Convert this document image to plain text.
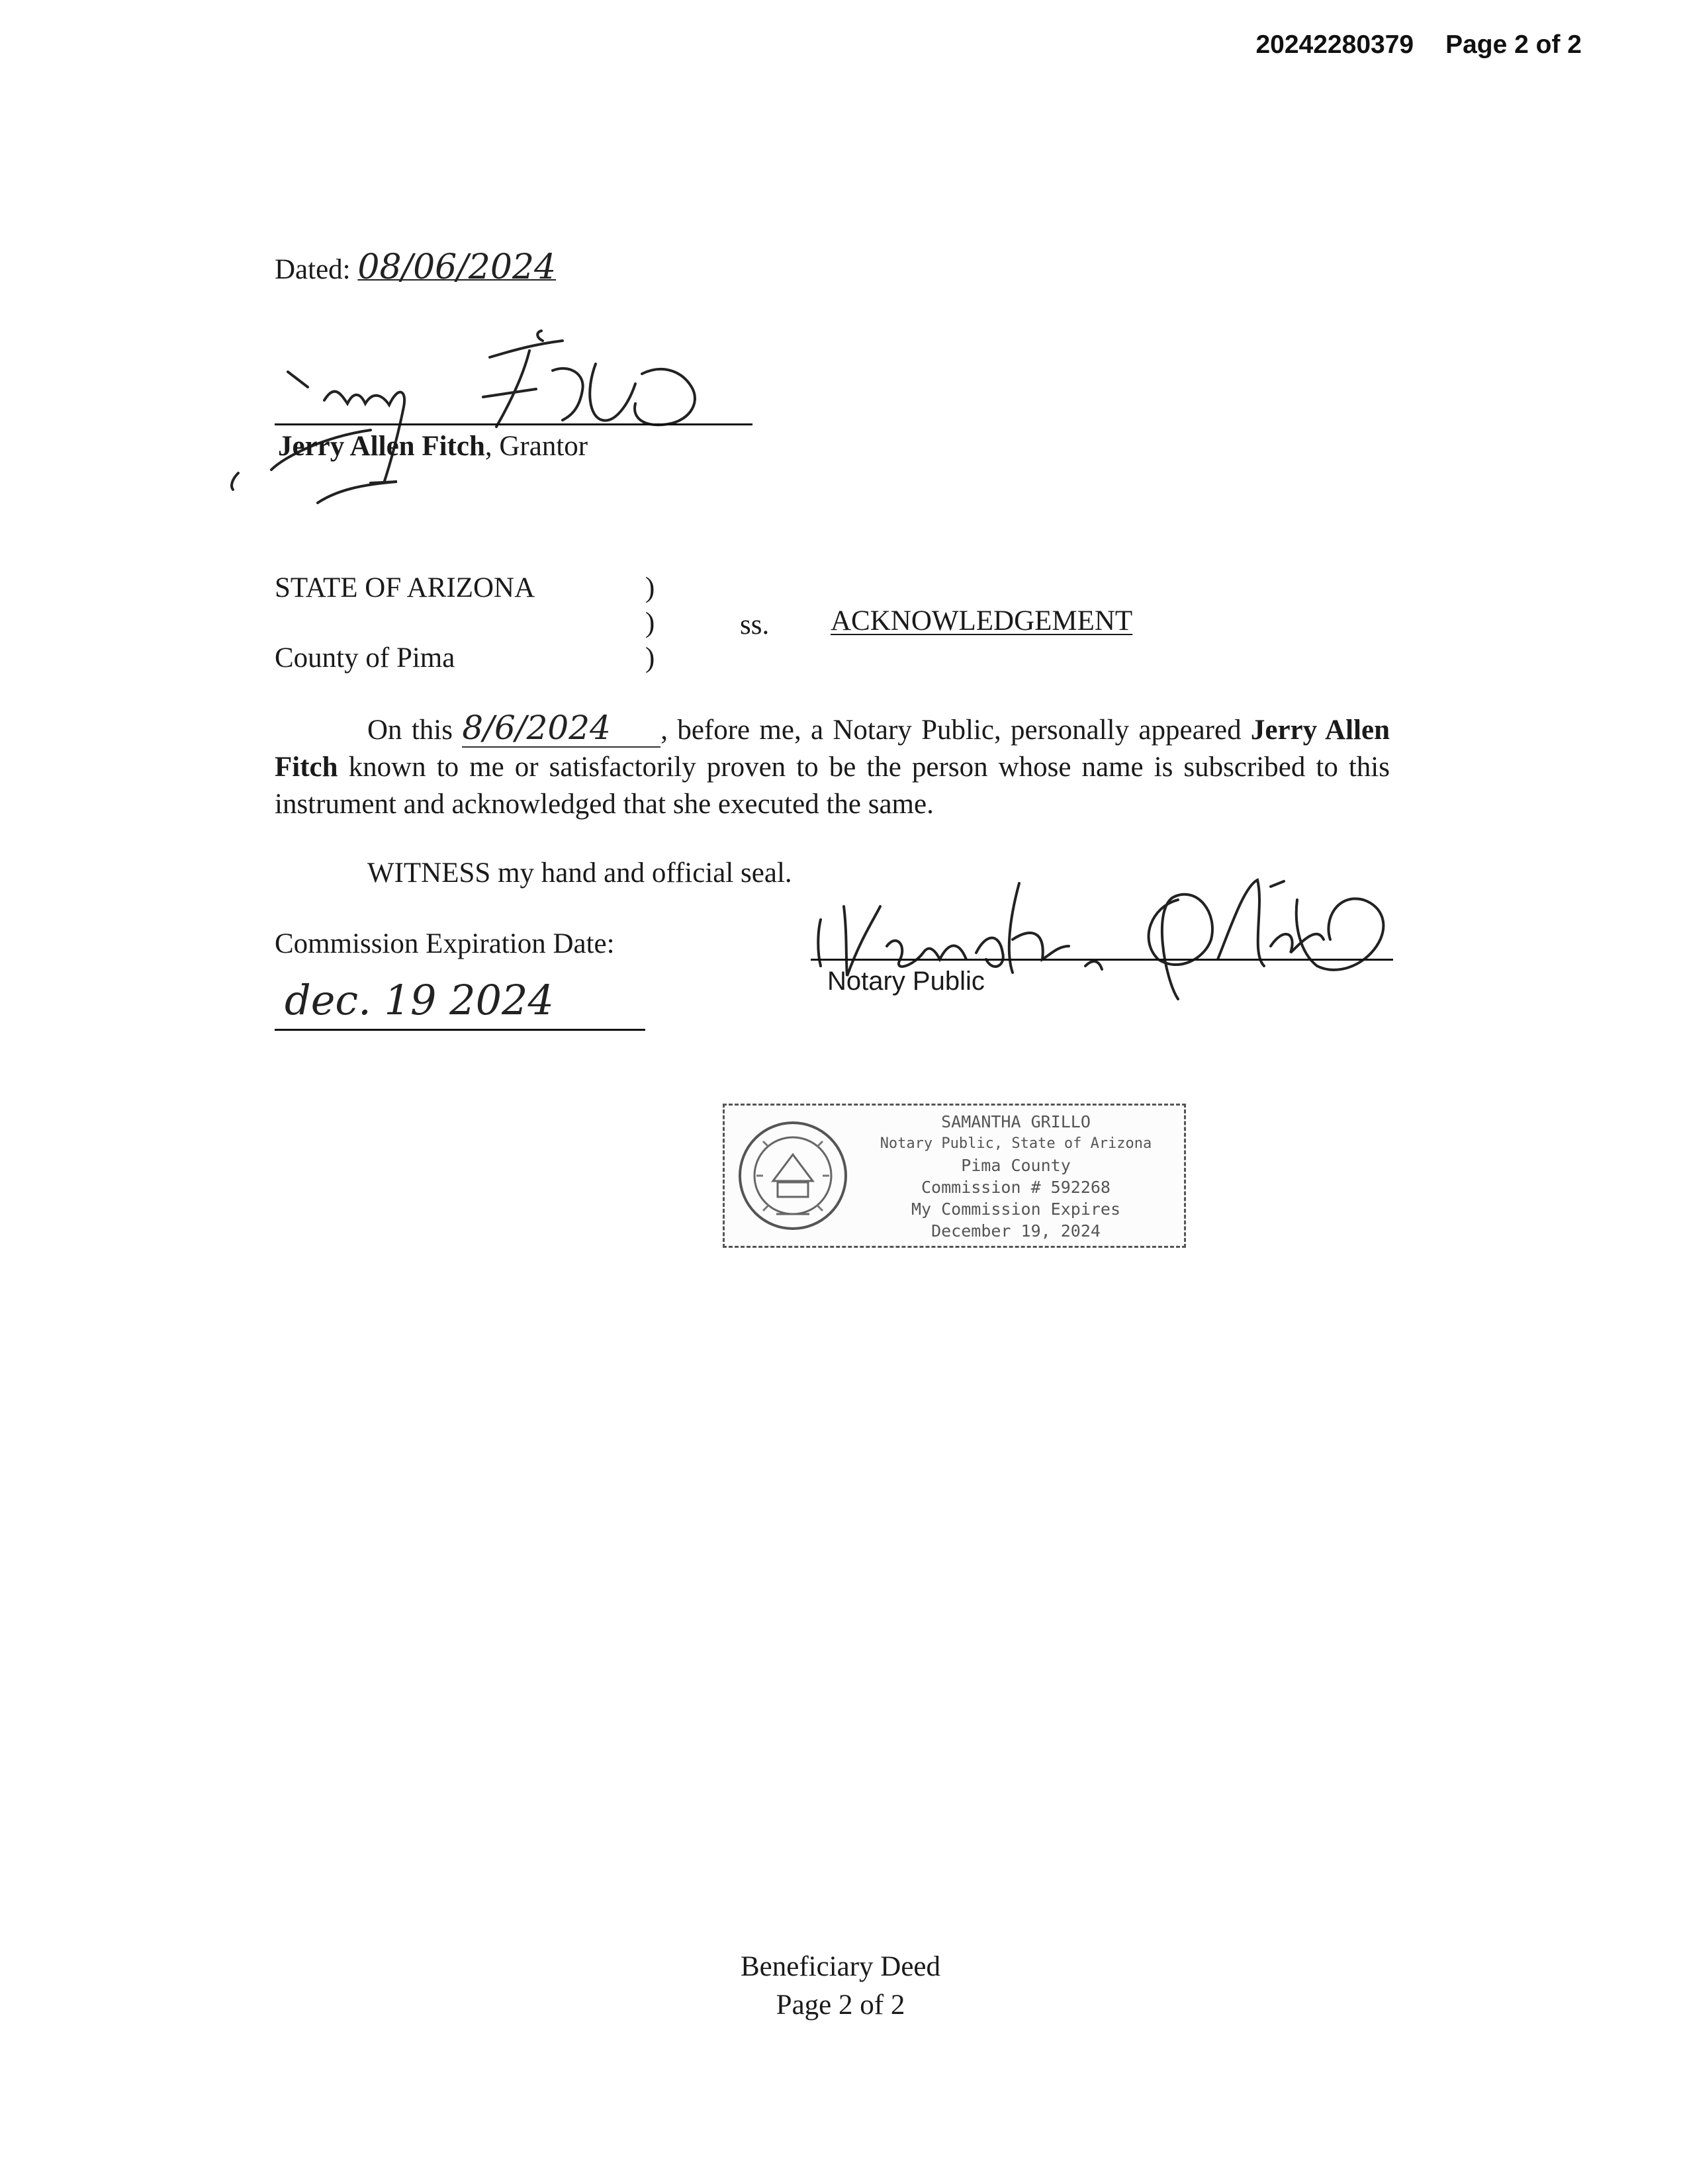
20242280379 Page 2 of 2
Dated: 08/06/2024
Jerry Allen Fitch, Grantor
STATE OF ARIZONA
County of Pima
)
)
)
ss. ACKNOWLEDGEMENT
On this 8/6/2024 , before me, a Notary Public, personally appeared Jerry Allen Fitch known to me or satisfactorily proven to be the person whose name is subscribed to this instrument and acknowledged that she executed the same.
WITNESS my hand and official seal.
Commission Expiration Date:
dec. 19 2024	Notary Public
SAMANTHA GRILLO
Notary Public, State of Arizona
Pima County
Commission # 592268
My Commission Expires
December 19, 2024
Beneficiary Deed
Page 2 of 2
